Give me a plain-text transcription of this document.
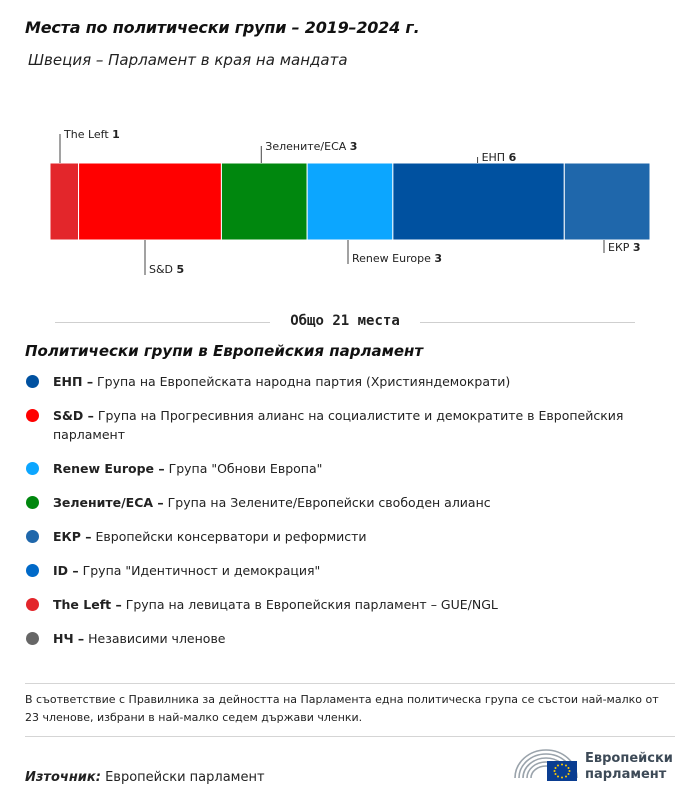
Места по политически групи – 2019–2024 г.
Швеция – Парламент в края на мандата
The Left 1
S&D 5
Зелените/ЕСА 3
Renew Europe 3
ЕНП 6
ЕКР 3
Общо 21 места
Политически групи в Европейския парламент
ЕНП – Група на Европейската народна партия (Християндемократи)
S&D – Група на Прогресивния алианс на социалистите и демократите в Европейския парламент
Renew Europe – Група "Обнови Европа"
Зелените/ЕСА – Група на Зелените/Европейски свободен алианс
ЕКР – Европейски консерватори и реформисти
ID – Група "Идентичност и демокрация"
The Left – Група на левицата в Европейския парламент – GUE/NGL
НЧ – Независими членове
В съответствие с Правилника за дейността на Парламента една политическа група се състои най-малко от 23 членове, избрани в най-малко седем държави членки.
Източник: Европейски парламент
Европейски
парламент
